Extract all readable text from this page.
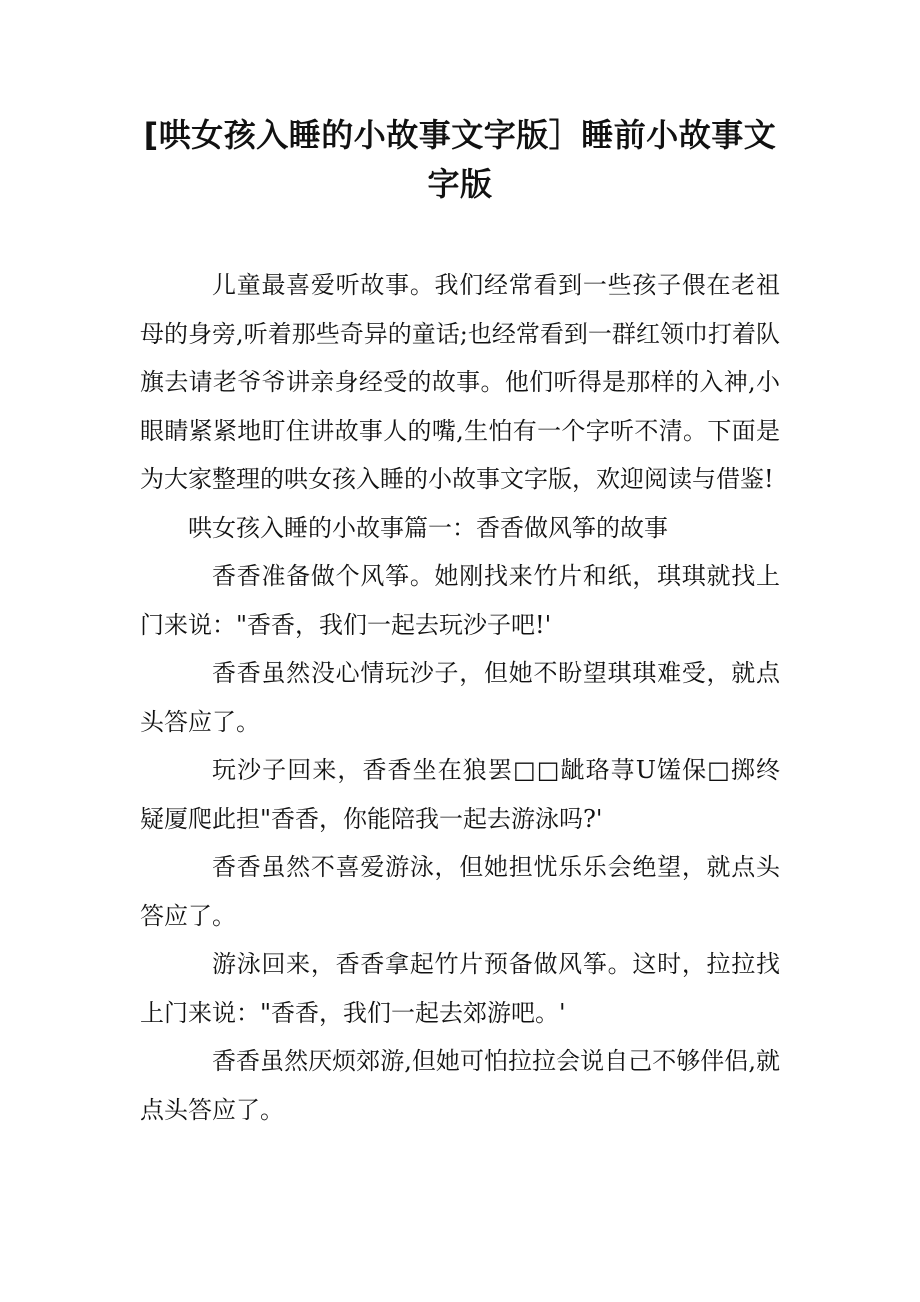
[哄女孩入睡的小故事文字版］睡前小故事文字版

儿童最喜爱听故事。我们经常看到一些孩子偎在老祖母的身旁,听着那些奇异的童话;也经常看到一群红领巾打着队旗去请老爷爷讲亲身经受的故事。他们听得是那样的入神,小眼睛紧紧地盯住讲故事人的嘴,生怕有一个字听不清。下面是为大家整理的哄女孩入睡的小故事文字版，欢迎阅读与借鉴!

哄女孩入睡的小故事篇一：香香做风筝的故事

香香准备做个风筝。她刚找来竹片和纸，琪琪就找上门来说："香香，我们一起去玩沙子吧!'

香香虽然没心情玩沙子，但她不盼望琪琪难受，就点头答应了。

玩沙子回来，香香坐在狼罢□□龇珞荨U馐保□掷终疑厦爬此担"香香，你能陪我一起去游泳吗?'

香香虽然不喜爱游泳，但她担忧乐乐会绝望，就点头答应了。

游泳回来，香香拿起竹片预备做风筝。这时，拉拉找上门来说："香香，我们一起去郊游吧。'

香香虽然厌烦郊游,但她可怕拉拉会说自己不够伴侣,就点头答应了。
